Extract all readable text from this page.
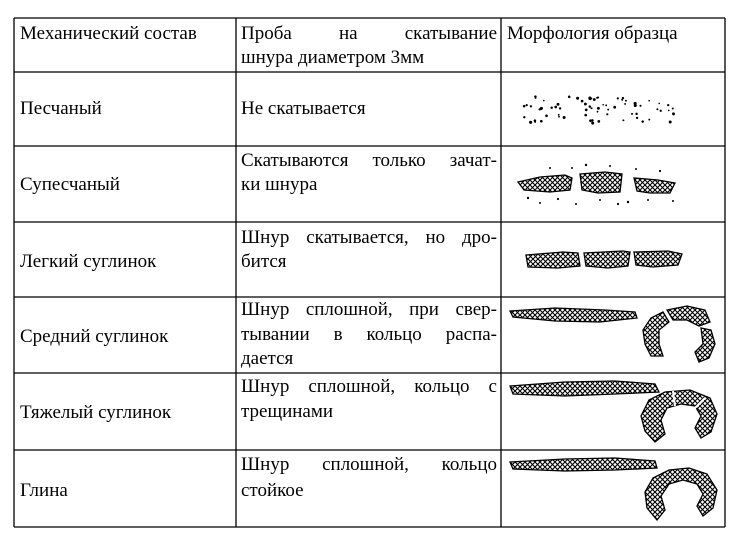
Механический состав	Проба на скатывание
шнура диаметром 3мм
Морфология образца
Песчаный	Не скатывается
Супесчаный
Скатываются только зачат-
ки шнура
Легкий суглинок
Шнур скатывается, но дро-
бится
Средний суглинок
Шнур сплошной, при свер-
тывании в кольцо распа-
дается
Тяжелый суглинок
Шнур сплошной, кольцо с
трещинами
Глина
Шнур сплошной, кольцо
стойкое
